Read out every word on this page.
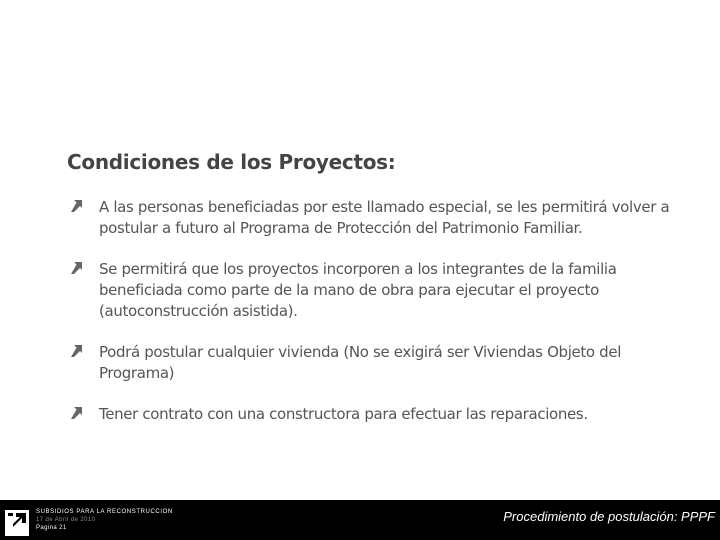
Condiciones de los Proyectos:
A las personas beneficiadas por este llamado especial, se les permitirá volver a postular a futuro al Programa de Protección del Patrimonio Familiar.
Se permitirá que los proyectos incorporen a los integrantes de la familia beneficiada como parte de la mano de obra para ejecutar el proyecto (autoconstrucción asistida).
Podrá postular cualquier vivienda (No se exigirá ser Viviendas Objeto del Programa)
Tener contrato con una constructora para efectuar las reparaciones.
SUBSIDIOS PARA LA RECONSTRUCCION
17 de Abril de 2010
Pagina 21
Procedimiento de postulación: PPPF
